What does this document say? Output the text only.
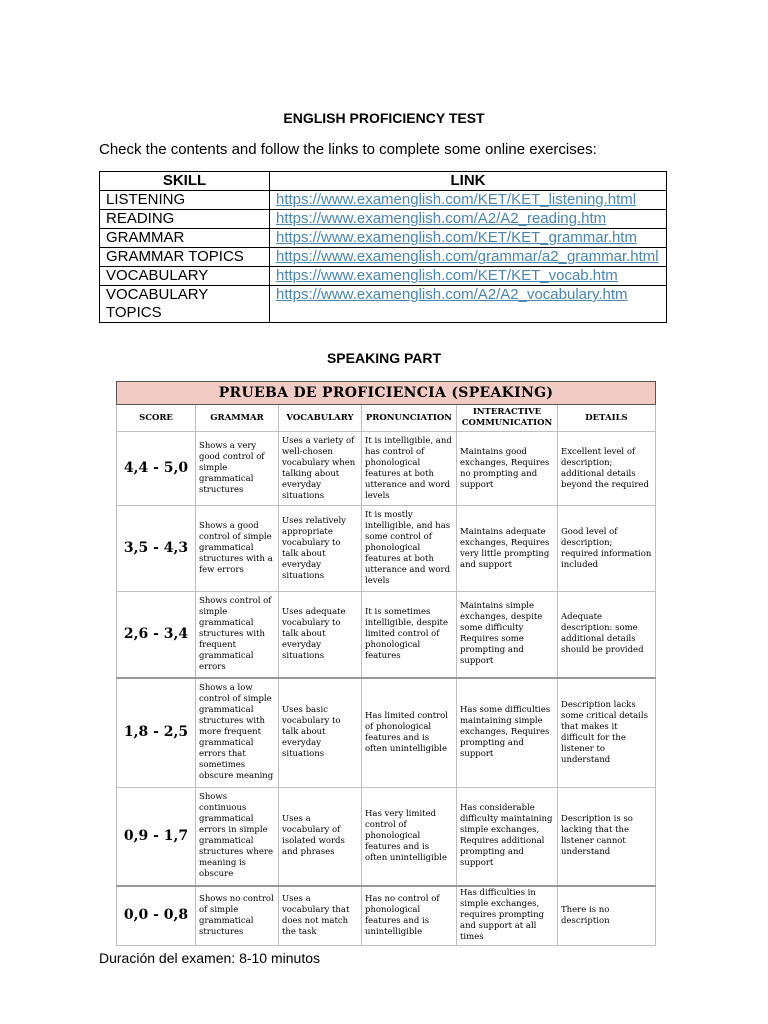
ENGLISH PROFICIENCY TEST
Check the contents and follow the links to complete some online exercises:
SKILL	LINK
LISTENING	https://www.examenglish.com/KET/KET_listening.html
READING	https://www.examenglish.com/A2/A2_reading.htm
GRAMMAR	https://www.examenglish.com/KET/KET_grammar.htm
GRAMMAR TOPICS	https://www.examenglish.com/grammar/a2_grammar.html
VOCABULARY	https://www.examenglish.com/KET/KET_vocab.htm
VOCABULARY TOPICS	https://www.examenglish.com/A2/A2_vocabulary.htm
SPEAKING PART
PRUEBA DE PROFICIENCIA (SPEAKING)					
SCORE	GRAMMAR	VOCABULARY	PRONUNCIATION	INTERACTIVE COMMUNICATION	DETAILS
4,4 - 5,0	Shows a very good control of simple grammatical structures	Uses a variety of well-chosen vocabulary when talking about everyday situations	It is intelligible, and has control of phonological features at both utterance and word levels	Maintains good exchanges, Requires no prompting and support	Excellent level of description; additional details beyond the required
3,5 - 4,3	Shows a good control of simple grammatical structures with a few errors	Uses relatively appropriate vocabulary to talk about everyday situations	It is mostly intelligible, and has some control of phonological features at both utterance and word levels	Maintains adequate exchanges, Requires very little prompting and support	Good level of description; required information included
2,6 - 3,4	Shows control of simple grammatical structures with frequent grammatical errors	Uses adequate vocabulary to talk about everyday situations	It is sometimes intelligible, despite limited control of phonological features	Maintains simple exchanges, despite some difficulty Requires some prompting and support	Adequate description: some additional details should be provided
1,8 - 2,5	Shows a low control of simple grammatical structures with more frequent grammatical errors that sometimes obscure meaning	Uses basic vocabulary to talk about everyday situations	Has limited control of phonological features and is often unintelligible	Has some difficulties maintaining simple exchanges, Requires prompting and support	Description lacks some critical details that makes it difficult for the listener to understand
0,9 - 1,7	Shows continuous grammatical errors in simple grammatical structures where meaning is obscure	Uses a vocabulary of isolated words and phrases	Has very limited control of phonological features and is often unintelligible	Has considerable difficulty maintaining simple exchanges, Requires additional prompting and support	Description is so lacking that the listener cannot understand
0,0 - 0,8	Shows no control of simple grammatical structures	Uses a vocabulary that does not match the task	Has no control of phonological features and is unintelligible	Has difficulties in simple exchanges, requires prompting and support at all times	There is no description
Duración del examen: 8-10 minutos
